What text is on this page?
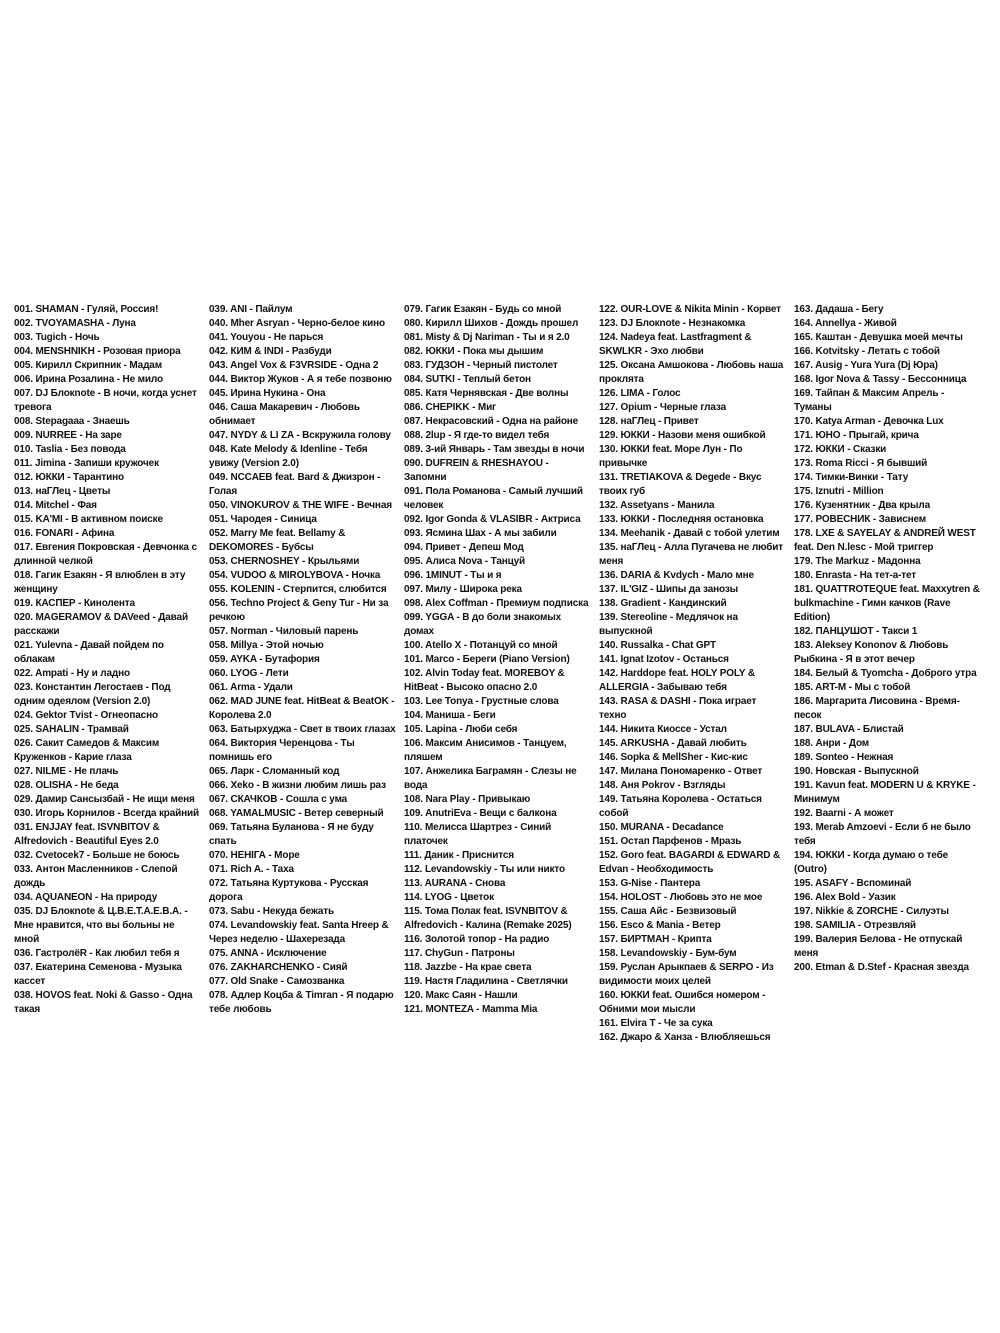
001. SHAMAN - Гуляй, Россия!
002. TVOYAMASHA - Луна
003. Tugich - Ночь
004. MENSHNIKH - Розовая приора
005. Кирилл Скрипник - Мадам
006. Ирина Розалина - Не мило
007. DJ Блокnote - В ночи, когда уснет тревога
008. Stepagaaa - Знаешь
009. NURREE - На заре
010. Taslia - Без повода
011. Jimina - Запиши кружочек
012. ЮККИ - Тарантино
013. наГЛец - Цветы
014. Mitchel - Фая
015. KA'MI - В активном поиске
016. FONARI - Афина
017. Евгения Покровская - Девчонка с длинной челкой
018. Гагик Езакян - Я влюблен в эту женщину
019. КАСПЕР - Кинолента
020. MAGERAMOV & DAVeed - Давай расскажи
021. Yulevna - Давай пойдем по облакам
022. Ampati - Ну и ладно
023. Константин Легостаев - Под одним одеялом (Version 2.0)
024. Gektor Tvist - Огнеопасно
025. SAHALIN - Трамвай
026. Сакит Самедов & Максим Круженков - Карие глаза
027. NILME - Не плачь
028. OLISHA - Не беда
029. Дамир Сансызбай - Не ищи меня
030. Игорь Корнилов - Всегда крайний
031. ENJJAY feat. ISVNBITOV & Alfredovich - Beautiful Eyes 2.0
032. Cvetocek7 - Больше не боюсь
033. Антон Масленников - Слепой дождь
034. AQUANEON - На природу
035. DJ Блокnote & Ц.В.Е.Т.А.Е.В.А. - Мне нравится, что вы больны не мной
036. ГастролёR - Как любил тебя я
037. Екатерина Семенова - Музыка кассет
038. HOVOS feat. Noki & Gasso - Одна такая
039. ANI - Пайлум
040. Mher Asryan - Черно-белое кино
041. Youyou - Не парься
042. КИМ & INDI - Разбуди
043. Angel Vox & F3VRSIDE - Одна 2
044. Виктор Жуков - А я тебе позвоню
045. Ирина Нукина - Она
046. Саша Макаревич - Любовь обнимает
047. NYDY & LI ZA - Вскружила голову
048. Kate Melody & Idenline - Тебя увижу (Version 2.0)
049. NCCAEB feat. Bard & Джизрон - Голая
050. VINOKUROV & THE WIFE - Вечная
051. Чародея - Синица
052. Marry Me feat. Bellamy & DEKOMORES - Бубсы
053. CHERNOSHEY - Крыльями
054. VUDOO & MIROLYBOVA - Ночка
055. KOLENIN - Стерпится, слюбится
056. Techno Project & Geny Tur - Ни за речкою
057. Norman - Чиловый парень
058. Millya - Этой ночью
059. AYKA - Бутафория
060. LYOG - Лети
061. Arma - Удали
062. MAD JUNE feat. HitBeat & BeatOK - Королева 2.0
063. Батырхуджа - Свет в твоих глазах
064. Виктория Черенцова - Ты помнишь его
065. Ларк - Сломанный код
066. Xeko - В жизни любим лишь раз
067. СКАЧКОВ - Сошла с ума
068. YAMALMUSIC - Ветер северный
069. Татьяна Буланова - Я не буду спать
070. НЕНIГА - Море
071. Rich A. - Таха
072. Татьяна Куртукова - Русская дорога
073. Sabu - Некуда бежать
074. Levandowskiy feat. Santa Hreep & Через неделю - Шахерезада
075. ANNA - Исключение
076. ZAKHARCHENKO - Сияй
077. Old Snake - Самозванка
078. Адлер Коцба & Timran - Я подарю тебе любовь
079. Гагик Езакян - Будь со мной
080. Кирилл Шихов - Дождь прошел
081. Misty & Dj Nariman - Ты и я 2.0
082. ЮККИ - Пока мы дышим
083. ГУДЗОН - Черный пистолет
084. SUTKI - Теплый бетон
085. Катя Чернявская - Две волны
086. CHEPIKK - Миг
087. Некрасовский - Одна на районе
088. 2lup - Я где-то видел тебя
089. 3-ий Январь - Там звезды в ночи
090. DUFREIN & RHESHAYOU - Запомни
091. Пола Романова - Самый лучший человек
092. Igor Gonda & VLASIBR - Актриса
093. Ясмина Шах - А мы забили
094. Привет - Депеш Мод
095. Алиса Nova - Танцуй
096. 1MINUT - Ты и я
097. Милу - Широка река
098. Alex Coffman - Премиум подписка
099. YGGA - В до боли знакомых домах
100. Atello X - Потанцуй со мной
101. Marco - Береги (Piano Version)
102. Alvin Today feat. MOREBOY & HitBeat - Высоко опасно 2.0
103. Lee Tonya - Грустные слова
104. Маниша - Беги
105. Lapina - Люби себя
106. Максим Анисимов - Танцуем, пляшем
107. Анжелика Баграмян - Слезы не вода
108. Nara Play - Привыкаю
109. AnutriEva - Вещи с балкона
110. Мелисса Шартрез - Синий платочек
111. Даник - Приснится
112. Levandowskiy - Ты или никто
113. AURANA - Снова
114. LYOG - Цветок
115. Тома Полак feat. ISVNBITOV & Alfredovich - Калина (Remake 2025)
116. Золотой топор - На радио
117. ChyGun - Патроны
118. Jazzbe - На крае света
119. Настя Гладилина - Светлячки
120. Макс Саян - Нашли
121. MONTEZA - Mamma Mia
122. OUR-LOVE & Nikita Minin - Корвет
123. DJ Блокnote - Незнакомка
124. Nadeya feat. Lastfragment & SKWLKR - Эхо любви
125. Оксана Амшокова - Любовь наша проклята
126. LIMA - Голос
127. Opium - Черные глаза
128. наГЛец - Привет
129. ЮККИ - Назови меня ошибкой
130. ЮККИ feat. Море Лун - По привычке
131. TRETIAKOVA & Degede - Вкус твоих губ
132. Assetyans - Манила
133. ЮККИ - Последняя остановка
134. Meehanik - Давай с тобой улетим
135. наГЛец - Алла Пугачева не любит меня
136. DARIA & Kvdych - Мало мне
137. IL'GIZ - Шипы да занозы
138. Gradient - Кандинский
139. Stereoline - Медлячок на выпускной
140. Russalka - Chat GPT
141. Ignat Izotov - Останься
142. Harddope feat. HOLY POLY & ALLERGIA - Забываю тебя
143. RASA & DASHI - Пока играет техно
144. Никита Киоссе - Устал
145. ARKUSHA - Давай любить
146. Sopka & MellSher - Кис-кис
147. Милана Пономаренко - Ответ
148. Аня Pokrov - Взгляды
149. Татьяна Королева - Остаться собой
150. MURANA - Decadance
151. Остап Парфенов - Мразь
152. Goro feat. BAGARDI & EDWARD & Edvan - Необходимость
153. G-Nise - Пантера
154. HOLOST - Любовь это не мое
155. Саша Айс - Безвизовый
156. Esco & Mania - Ветер
157. БИРТМАН - Крипта
158. Levandowskiy - Бум-бум
159. Руслан Арыкпаев & SERPO - Из видимости моих целей
160. ЮККИ feat. Ошибся номером - Обними мои мысли
161. Elvira T - Че за сука
162. Джаро & Ханза - Влюбляешься
163. Дадаша - Бегу
164. Annellya - Живой
165. Каштан - Девушка моей мечты
166. Kotvitsky - Летать с тобой
167. Ausig - Yura Yura (Dj Юра)
168. Igor Nova & Tassy - Бессонница
169. Тайпан & Максим Апрель - Туманы
170. Katya Arman - Девочка Lux
171. ЮНО - Прыгай, крича
172. ЮККИ - Сказки
173. Roma Ricci - Я бывший
174. Тимки-Винки - Тату
175. Iznutri - Million
176. Кузенятник - Два крыла
177. РОВЕСНИК - Зависнем
178. LXE & SAYELAY & ANDREЙ WEST feat. Den N.lesc - Мой триггер
179. The Markuz - Мадонна
180. Enrasta - На тет-а-тет
181. QUATTROTEQUE feat. Maxxytren & bulkmachine - Гимн качков (Rave Edition)
182. ПАНЦУШОТ - Такси 1
183. Aleksey Kononov & Любовь Рыбкина - Я в этот вечер
184. Белый & Tyomcha - Доброго утра
185. ART-M - Мы с тобой
186. Маргарита Лисовина - Время-песок
187. BULAVA - Блистай
188. Анри - Дом
189. Sonteo - Нежная
190. Новская - Выпускной
191. Kavun feat. MODERN U & KRYKE - Минимум
192. Baarni - А может
193. Merab Amzoevi - Если б не было тебя
194. ЮККИ - Когда думаю о тебе (Outro)
195. ASAFY - Вспоминай
196. Alex Bold - Уазик
197. Nikkie & ZORCHE - Силуэты
198. SAMILIA - Отрезвляй
199. Валерия Белова - Не отпускай меня
200. Etman & D.Stef - Красная звезда
